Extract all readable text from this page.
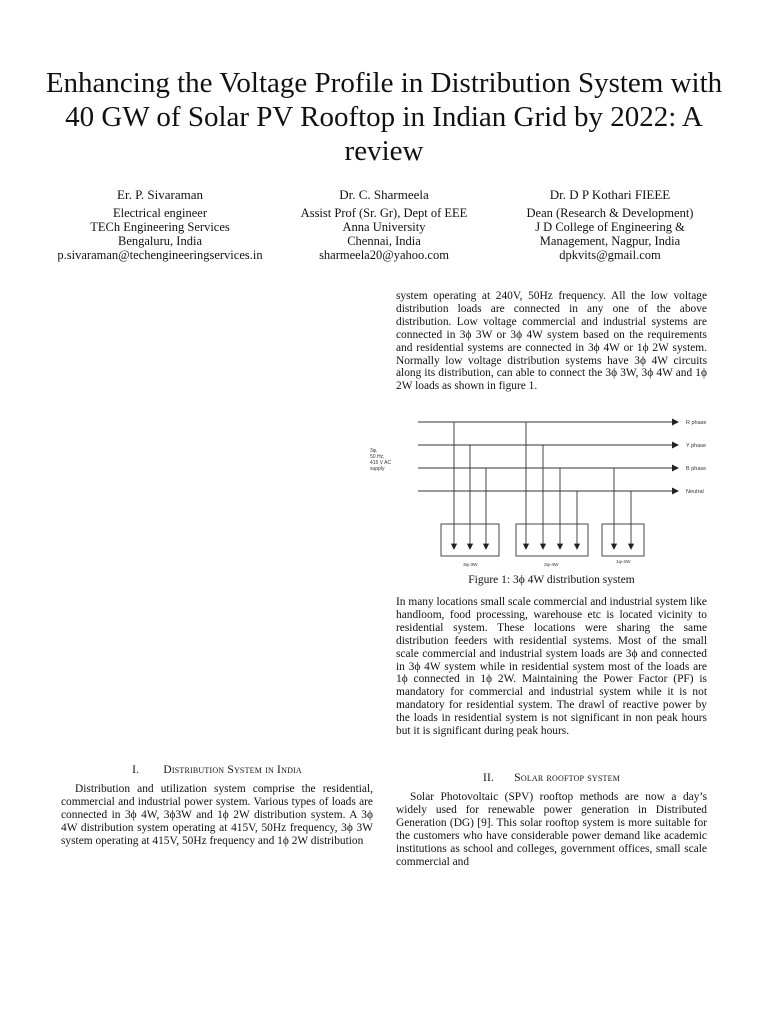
Enhancing the Voltage Profile in Distribution System with 40 GW of Solar PV Rooftop in Indian Grid by 2022: A review
Er. P. Sivaraman
Electrical engineer
TECh Engineering Services
Bengaluru, India
p.sivaraman@techengineeringservices.in
Dr. C. Sharmeela
Assist Prof (Sr. Gr), Dept of EEE
Anna University
Chennai, India
sharmeela20@yahoo.com
Dr. D P Kothari FIEEE
Dean (Research & Development)
J D College of Engineering &
Management, Nagpur, India
dpkvits@gmail.com

system operating at 240V, 50Hz frequency. All the low voltage distribution loads are connected in any one of the above distribution. Low voltage commercial and industrial systems are connected in 3ϕ 3W or 3ϕ 4W system based on the requirements and residential systems are connected in 3ϕ 4W or 1ϕ 2W system. Normally low voltage distribution systems have 3ϕ 4W circuits along its distribution, can able to connect the 3ϕ 3W, 3ϕ 4W and 1ϕ 2W loads as shown in figure 1.

R phase
Y phase
B phase
Neutral
3φ,
50 Hz,
415 V AC
supply
3φ-3W	3φ-4W
1φ-2W
Figure 1: 3ϕ 4W distribution system

In many locations small scale commercial and industrial system like handloom, food processing, warehouse etc is located vicinity to residential system. These locations were sharing the same distribution feeders with residential systems. Most of the small scale commercial and industrial system loads are 3ϕ and connected in 3ϕ 4W system while in residential system most of the loads are 1ϕ connected in 1ϕ 2W. Maintaining the Power Factor (PF) is mandatory for commercial and industrial system while it is not mandatory for residential system. The drawl of reactive power by the loads in residential system is not significant in non peak hours but it is significant during peak hours.

I. Distribution System in India

Distribution and utilization system comprise the residential, commercial and industrial power system. Various types of loads are connected in 3ϕ 4W, 3ϕ3W and 1ϕ 2W distribution system. A 3ϕ 4W distribution system operating at 415V, 50Hz frequency, 3ϕ 3W system operating at 415V, 50Hz frequency and 1ϕ 2W distribution

II. Solar rooftop system

Solar Photovoltaic (SPV) rooftop methods are now a day’s widely used for renewable power generation in Distributed Generation (DG) [9]. This solar rooftop system is more suitable for the customers who have considerable power demand like academic institutions as school and colleges, government offices, small scale commercial and
